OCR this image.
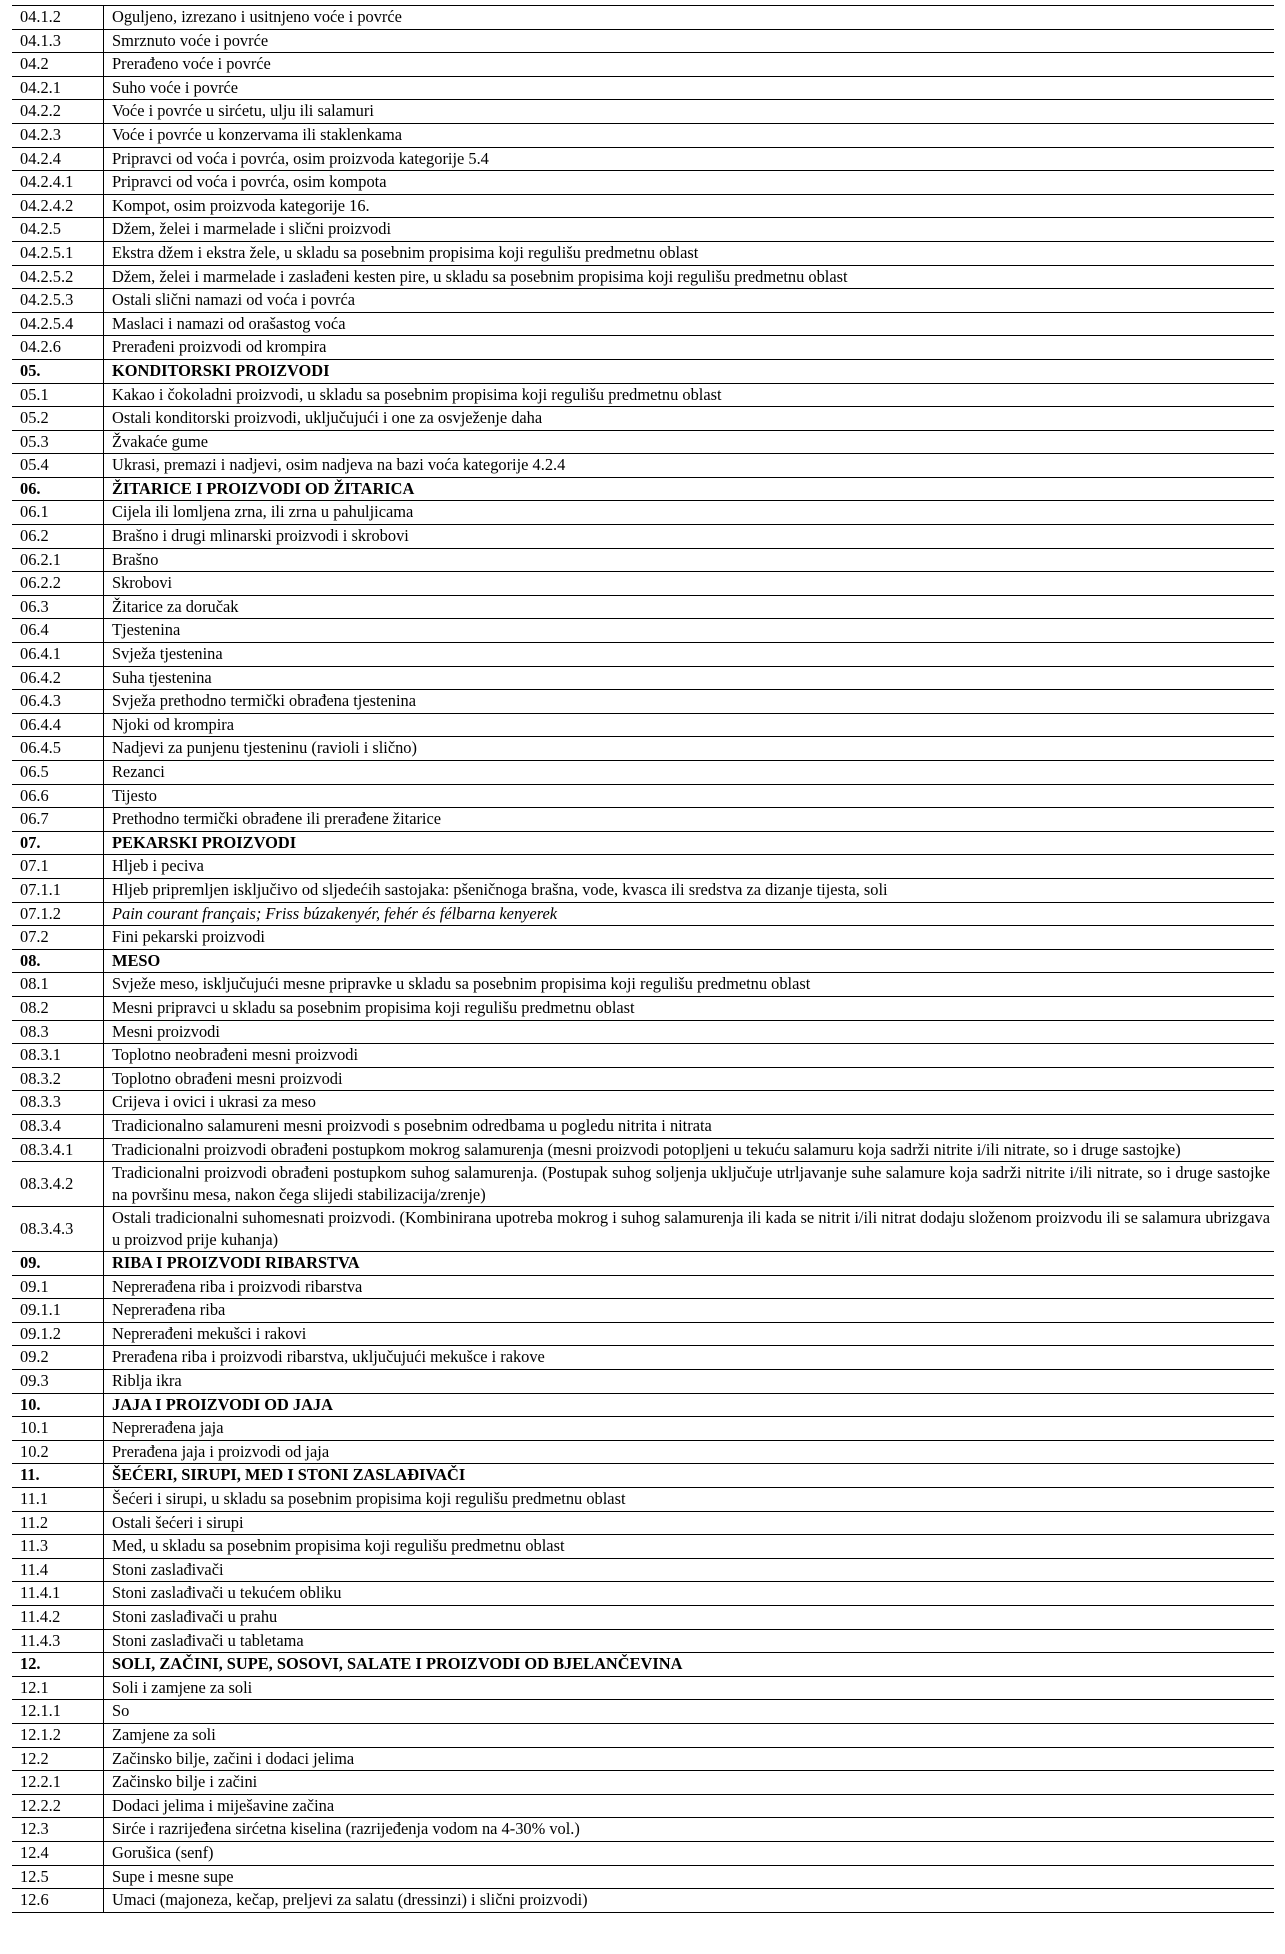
04.1.2	Oguljeno, izrezano i usitnjeno voće i povrće
04.1.3	Smrznuto voće i povrće
04.2	Prerađeno voće i povrće
04.2.1	Suho voće i povrće
04.2.2	Voće i povrće u sirćetu, ulju ili salamuri
04.2.3	Voće i povrće u konzervama ili staklenkama
04.2.4	Pripravci od voća i povrća, osim proizvoda kategorije 5.4
04.2.4.1	Pripravci od voća i povrća, osim kompota
04.2.4.2	Kompot, osim proizvoda kategorije 16.
04.2.5	Džem, želei i marmelade i slični proizvodi
04.2.5.1	Ekstra džem i ekstra žele, u skladu sa posebnim propisima koji regulišu predmetnu oblast
04.2.5.2	Džem, želei i marmelade i zaslađeni kesten pire, u skladu sa posebnim propisima koji regulišu predmetnu oblast
04.2.5.3	Ostali slični namazi od voća i povrća
04.2.5.4	Maslaci i namazi od orašastog voća
04.2.6	Prerađeni proizvodi od krompira
05.	KONDITORSKI PROIZVODI
05.1	Kakao i čokoladni proizvodi, u skladu sa posebnim propisima koji regulišu predmetnu oblast
05.2	Ostali konditorski proizvodi, uključujući i one za osvježenje daha
05.3	Žvakaće gume
05.4	Ukrasi, premazi i nadjevi, osim nadjeva na bazi voća kategorije 4.2.4
06.	ŽITARICE I PROIZVODI OD ŽITARICA
06.1	Cijela ili lomljena zrna, ili zrna u pahuljicama
06.2	Brašno i drugi mlinarski proizvodi i skrobovi
06.2.1	Brašno
06.2.2	Skrobovi
06.3	Žitarice za doručak
06.4	Tjestenina
06.4.1	Svježa tjestenina
06.4.2	Suha tjestenina
06.4.3	Svježa prethodno termički obrađena tjestenina
06.4.4	Njoki od krompira
06.4.5	Nadjevi za punjenu tjesteninu (ravioli i slično)
06.5	Rezanci
06.6	Tijesto
06.7	Prethodno termički obrađene ili prerađene žitarice
07.	PEKARSKI PROIZVODI
07.1	Hljeb i peciva
07.1.1	Hljeb pripremljen isključivo od sljedećih sastojaka: pšeničnoga brašna, vode, kvasca ili sredstva za dizanje tijesta, soli
07.1.2	Pain courant français; Friss búzakenyér, fehér és félbarna kenyerek
07.2	Fini pekarski proizvodi
08.	MESO
08.1	Svježe meso, isključujući mesne pripravke u skladu sa posebnim propisima koji regulišu predmetnu oblast
08.2	Mesni pripravci u skladu sa posebnim propisima koji regulišu predmetnu oblast
08.3	Mesni proizvodi
08.3.1	Toplotno neobrađeni mesni proizvodi
08.3.2	Toplotno obrađeni mesni proizvodi
08.3.3	Crijeva i ovici i ukrasi za meso
08.3.4	Tradicionalno salamureni mesni proizvodi s posebnim odredbama u pogledu nitrita i nitrata
08.3.4.1	Tradicionalni proizvodi obrađeni postupkom mokrog salamurenja (mesni proizvodi potopljeni u tekuću salamuru koja sadrži nitrite i/ili nitrate, so i druge sastojke)
08.3.4.2	Tradicionalni proizvodi obrađeni postupkom suhog salamurenja. (Postupak suhog soljenja uključuje utrljavanje suhe salamure koja sadrži nitrite i/ili nitrate, so i druge sastojke na površinu mesa, nakon čega slijedi stabilizacija/zrenje)
08.3.4.3	Ostali tradicionalni suhomesnati proizvodi. (Kombinirana upotreba mokrog i suhog salamurenja ili kada se nitrit i/ili nitrat dodaju složenom proizvodu ili se salamura ubrizgava u proizvod prije kuhanja)
09.	RIBA I PROIZVODI RIBARSTVA
09.1	Neprerađena riba i proizvodi ribarstva
09.1.1	Neprerađena riba
09.1.2	Neprerađeni mekušci i rakovi
09.2	Prerađena riba i proizvodi ribarstva, uključujući mekušce i rakove
09.3	Riblja ikra
10.	JAJA I PROIZVODI OD JAJA
10.1	Neprerađena jaja
10.2	Prerađena jaja i proizvodi od jaja
11.	ŠEĆERI, SIRUPI, MED I STONI ZASLAĐIVAČI
11.1	Šećeri i sirupi, u skladu sa posebnim propisima koji regulišu predmetnu oblast
11.2	Ostali šećeri i sirupi
11.3	Med, u skladu sa posebnim propisima koji regulišu predmetnu oblast
11.4	Stoni zaslađivači
11.4.1	Stoni zaslađivači u tekućem obliku
11.4.2	Stoni zaslađivači u prahu
11.4.3	Stoni zaslađivači u tabletama
12.	SOLI, ZAČINI, SUPE, SOSOVI, SALATE I PROIZVODI OD BJELANČEVINA
12.1	Soli i zamjene za soli
12.1.1	So
12.1.2	Zamjene za soli
12.2	Začinsko bilje, začini i dodaci jelima
12.2.1	Začinsko bilje i začini
12.2.2	Dodaci jelima i miješavine začina
12.3	Sirće i razrijeđena sirćetna kiselina (razrijeđenja vodom na 4-30% vol.)
12.4	Gorušica (senf)
12.5	Supe i mesne supe
12.6	Umaci (majoneza, kečap, preljevi za salatu (dressinzi) i slični proizvodi)
